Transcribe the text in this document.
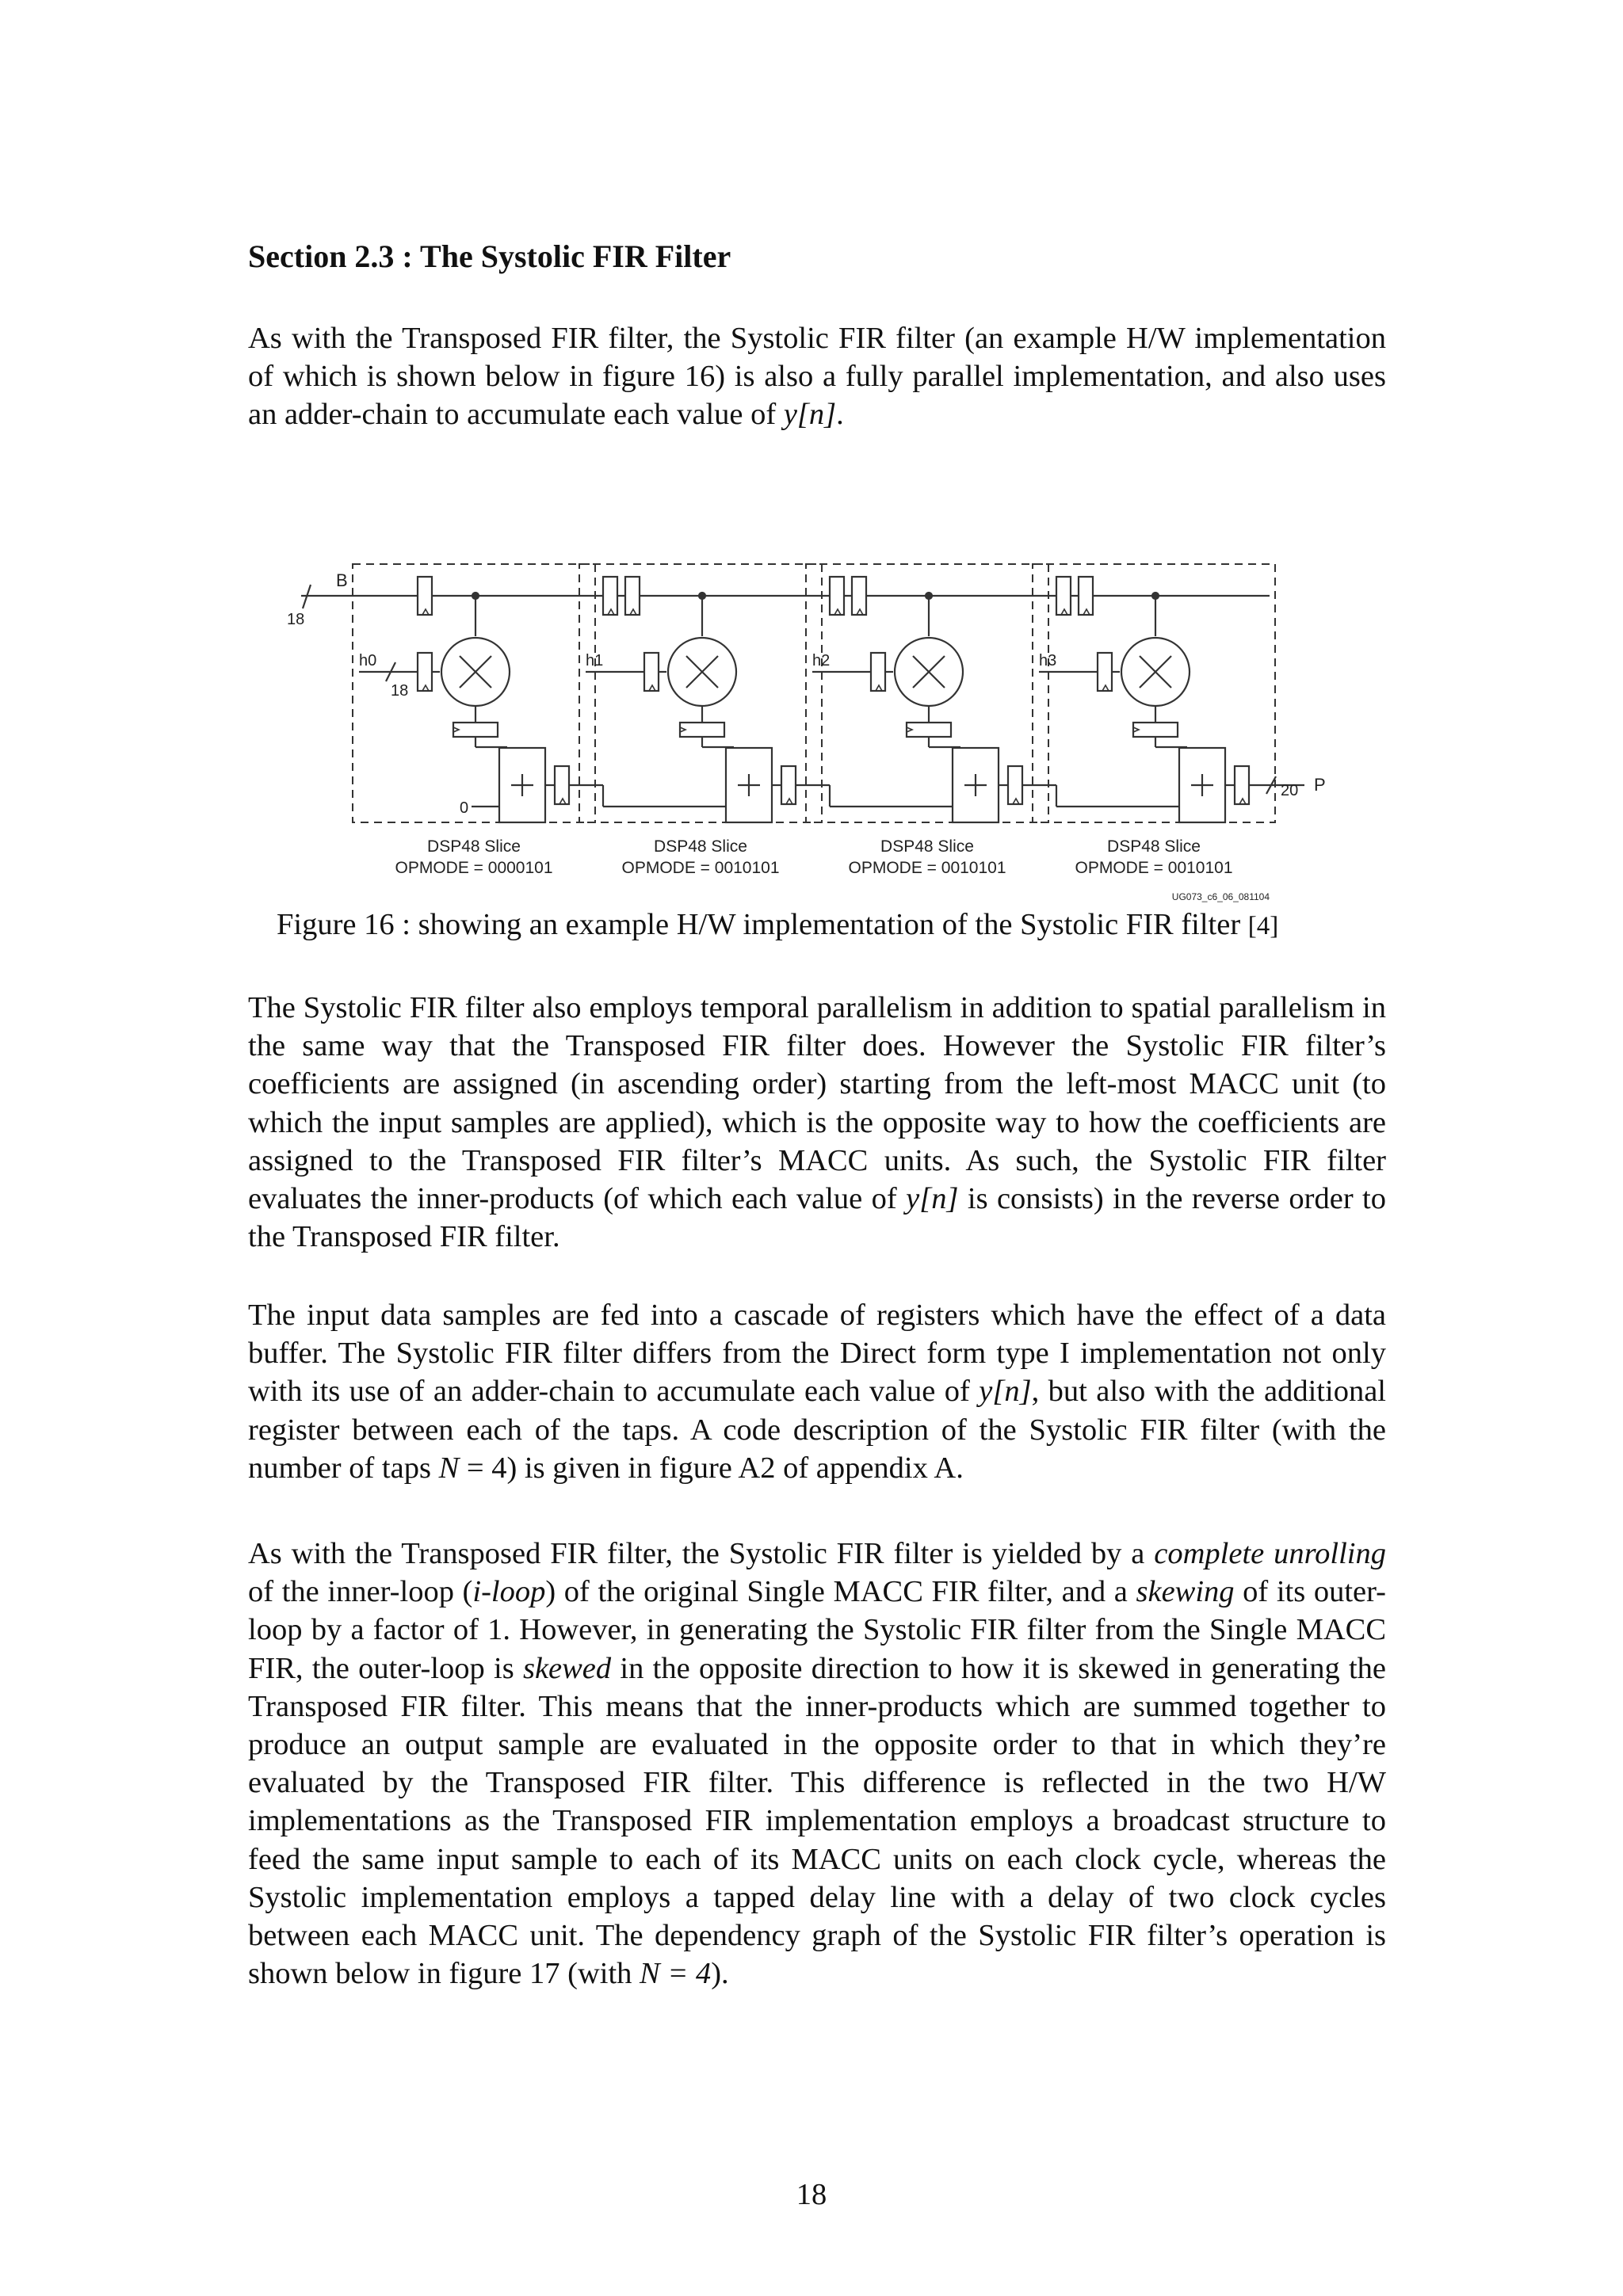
Section 2.3 : The Systolic FIR Filter

As with the Transposed FIR filter, the Systolic FIR filter (an example H/W implementation of which is shown below in figure 16) is also a fully parallel implementation, and also uses an adder-chain to accumulate each value of y[n].

B
18
0
20 P
h0	h1	h2	h3
18
DSP48 Slice
OPMODE = 0000101
DSP48 Slice
OPMODE = 0010101
DSP48 Slice
OPMODE = 0010101
DSP48 Slice
OPMODE = 0010101
UG073_c6_06_081104
Figure 16 : showing an example H/W implementation of the Systolic FIR filter [4]

The Systolic FIR filter also employs temporal parallelism in addition to spatial parallelism in the same way that the Transposed FIR filter does. However the Systolic FIR filter’s coefficients are assigned (in ascending order) starting from the left-most MACC unit (to which the input samples are applied), which is the opposite way to how the coefficients are assigned to the Transposed FIR filter’s MACC units. As such, the Systolic FIR filter evaluates the inner-products (of which each value of y[n] is consists) in the reverse order to the Transposed FIR filter.

The input data samples are fed into a cascade of registers which have the effect of a data buffer. The Systolic FIR filter differs from the Direct form type I implementation not only with its use of an adder-chain to accumulate each value of y[n], but also with the additional register between each of the taps. A code description of the Systolic FIR filter (with the number of taps N = 4) is given in figure A2 of appendix A.

As with the Transposed FIR filter, the Systolic FIR filter is yielded by a complete unrolling of the inner-loop (i-loop) of the original Single MACC FIR filter, and a skewing of its outer-loop by a factor of 1. However, in generating the Systolic FIR filter from the Single MACC FIR, the outer-loop is skewed in the opposite direction to how it is skewed in generating the Transposed FIR filter. This means that the inner-products which are summed together to produce an output sample are evaluated in the opposite order to that in which they’re evaluated by the Transposed FIR filter. This difference is reflected in the two H/W implementations as the Transposed FIR implementation employs a broadcast structure to feed the same input sample to each of its MACC units on each clock cycle, whereas the Systolic implementation employs a tapped delay line with a delay of two clock cycles between each MACC unit. The dependency graph of the Systolic FIR filter’s operation is shown below in figure 17 (with N = 4).

18
